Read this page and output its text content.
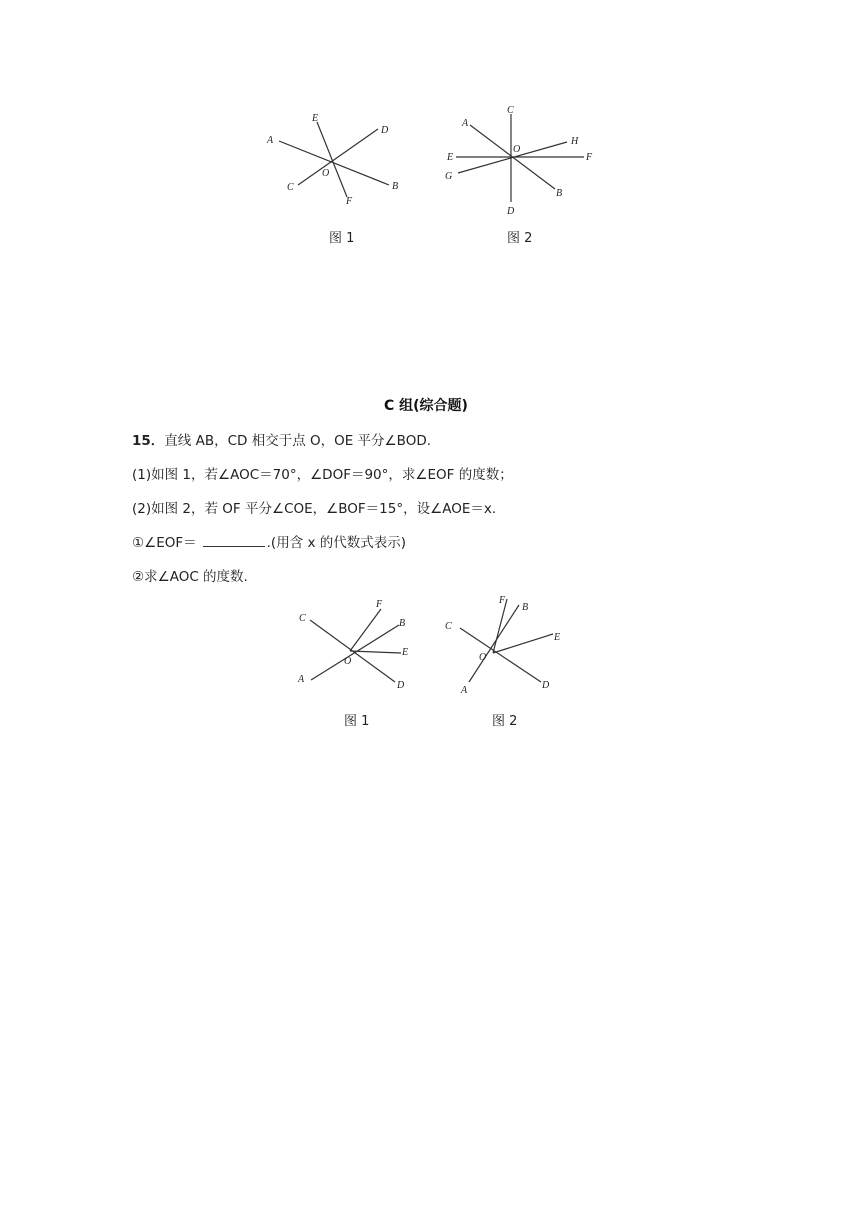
A
B
C
D
E
F
O
图 1
A
B
C
D
E	F
G
H
O
图 2
C 组(综合题)
15．直线 AB，CD 相交于点 O，OE 平分∠BOD.
(1)如图 1，若∠AOC＝70°，∠DOF＝90°，求∠EOF 的度数；
(2)如图 2，若 OF 平分∠COE，∠BOF＝15°，设∠AOE＝x.
①∠EOF＝	.(用含 x 的代数式表示)
②求∠AOC 的度数.
A
B
C
D
E
F
O
图 1
A
B
C
D
E
F
O
图 2
